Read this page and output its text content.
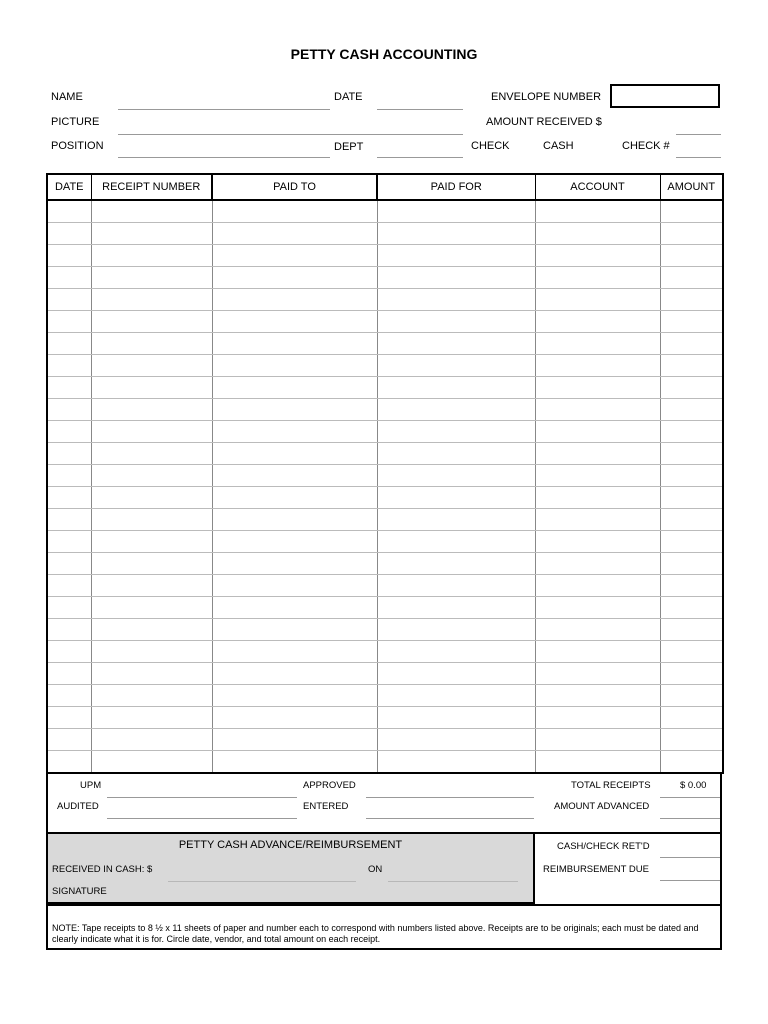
PETTY CASH ACCOUNTING
NAME	DATE	ENVELOPE NUMBER
PICTURE	AMOUNT RECEIVED $
POSITION	DEPT	CHECK	CASH	CHECK #
DATE	RECEIPT NUMBER	PAID TO	PAID FOR	ACCOUNT	AMOUNT

UPM	APPROVED	TOTAL RECEIPTS	$ 0.00
AUDITED	ENTERED	AMOUNT ADVANCED
PETTY CASH ADVANCE/REIMBURSEMENT
RECEIVED IN CASH: $	ON
SIGNATURE
CASH/CHECK RET'D
REIMBURSEMENT DUE
NOTE: Tape receipts to 8 ½ x 11 sheets of paper and number each to correspond with numbers listed above. Receipts are to be originals; each must be dated and clearly indicate what it is for. Circle date, vendor, and total amount on each receipt.
